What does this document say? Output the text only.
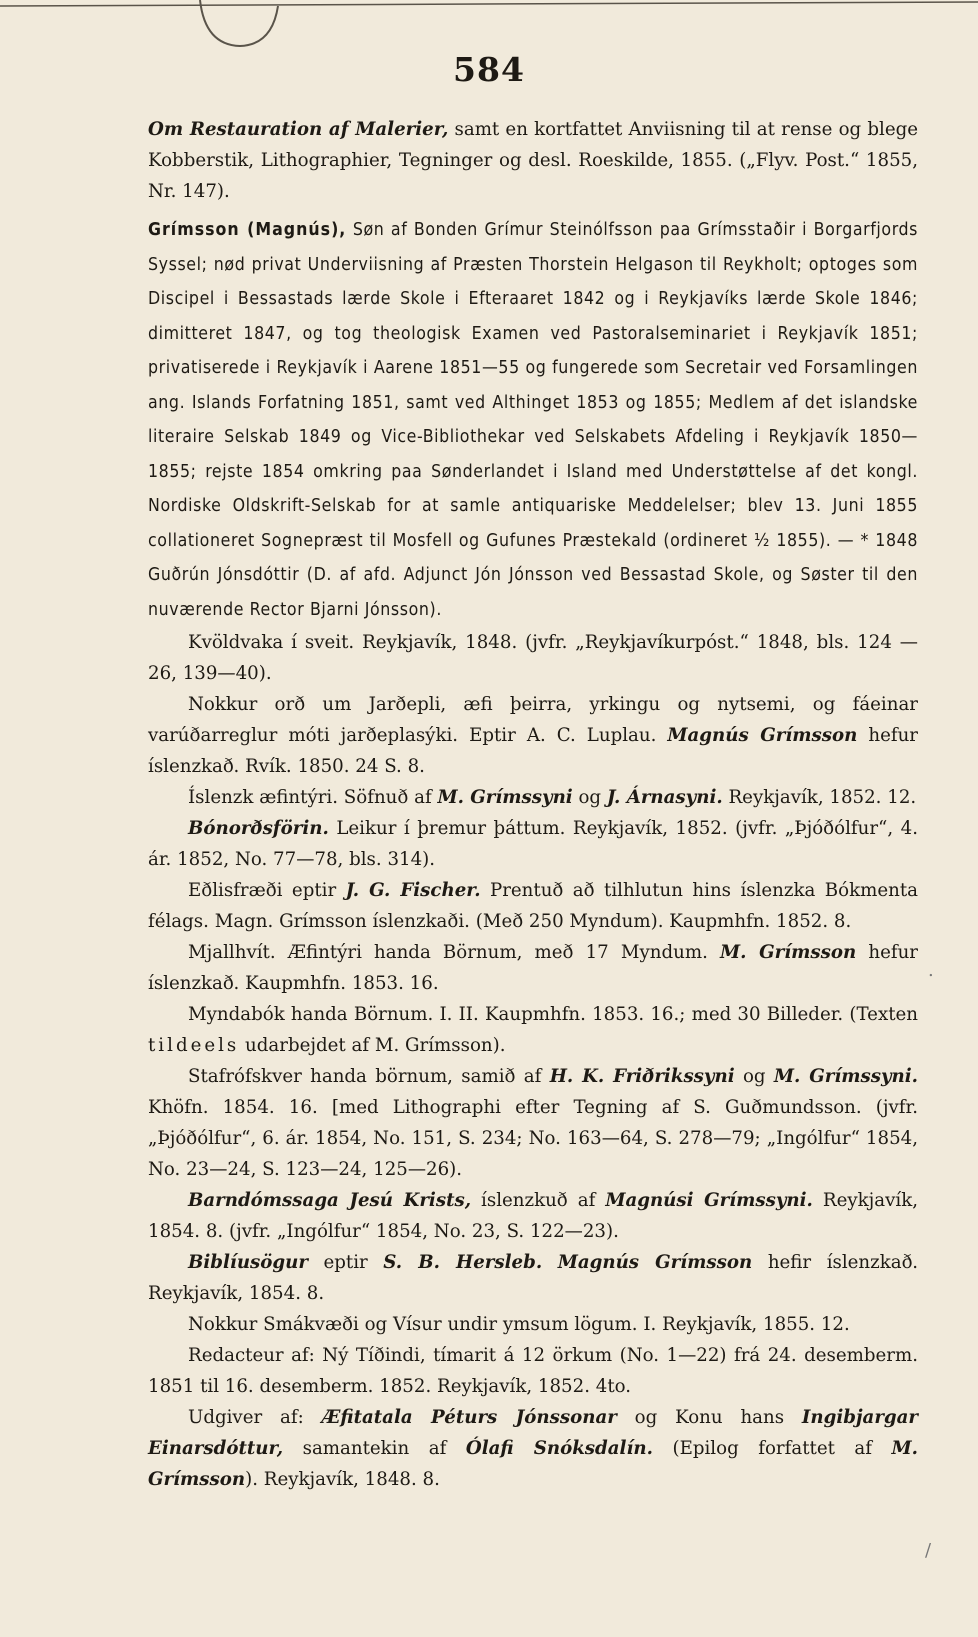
584

Om Restauration af Malerier, samt en kortfattet Anviisning til at rense og blege Kobberstik, Lithographier, Tegninger og desl. Roeskilde, 1855. („Flyv. Post.“ 1855, Nr. 147).

Grímsson (Magnús), Søn af Bonden Grímur Steinólfsson paa Grímsstaðir i Borgarfjords Syssel; nød privat Underviisning af Præsten Thorstein Helgason til Reykholt; optoges som Discipel i Bessastads lærde Skole i Efteraaret 1842 og i Reykjavíks lærde Skole 1846; dimitteret 1847, og tog theologisk Examen ved Pastoralseminariet i Reykjavík 1851; privatiserede i Reykjavík i Aarene 1851—55 og fungerede som Secretair ved Forsamlingen ang. Islands Forfatning 1851, samt ved Althinget 1853 og 1855; Medlem af det islandske literaire Selskab 1849 og Vice-Bibliothekar ved Selskabets Afdeling i Reykjavík 1850—1855; rejste 1854 omkring paa Sønderlandet i Island med Understøttelse af det kongl. Nordiske Oldskrift-Selskab for at samle antiquariske Meddelelser; blev 13. Juni 1855 collationeret Sognepræst til Mosfell og Gufunes Præstekald (ordineret ½ 1855). — * 1848 Guðrún Jónsdóttir (D. af afd. Adjunct Jón Jónsson ved Bessastad Skole, og Søster til den nuværende Rector Bjarni Jónsson).

Kvöldvaka í sveit. Reykjavík, 1848. (jvfr. „Reykjavíkurpóst.“ 1848, bls. 124 —26, 139—40).

Nokkur orð um Jarðepli, æfi þeirra, yrkingu og nytsemi, og fáeinar varúðarreglur móti jarðeplasýki. Eptir A. C. Luplau. Magnús Grímsson hefur íslenzkað. Rvík. 1850. 24 S. 8.

Íslenzk æfintýri. Söfnuð af M. Grímssyni og J. Árnasyni. Reykjavík, 1852. 12.

Bónorðsförin. Leikur í þremur þáttum. Reykjavík, 1852. (jvfr. „Þjóðólfur“, 4. ár. 1852, No. 77—78, bls. 314).

Eðlisfræði eptir J. G. Fischer. Prentuð að tilhlutun hins íslenzka Bókmenta félags. Magn. Grímsson íslenzkaði. (Með 250 Myndum). Kaupmhfn. 1852. 8.

Mjallhvít. Æfintýri handa Börnum, með 17 Myndum. M. Grímsson hefur íslenzkað. Kaupmhfn. 1853. 16.

Myndabók handa Börnum. I. II. Kaupmhfn. 1853. 16.; med 30 Billeder. (Texten tildeels udarbejdet af M. Grímsson).

Stafrófskver handa börnum, samið af H. K. Friðrikssyni og M. Grímssyni. Khöfn. 1854. 16. [med Lithographi efter Tegning af S. Guðmundsson. (jvfr. „Þjóðólfur“, 6. ár. 1854, No. 151, S. 234; No. 163—64, S. 278—79; „Ingólfur“ 1854, No. 23—24, S. 123—24, 125—26).

Barndómssaga Jesú Krists, íslenzkuð af Magnúsi Grímssyni. Reykjavík, 1854. 8. (jvfr. „Ingólfur“ 1854, No. 23, S. 122—23).

Biblíusögur eptir S. B. Hersleb. Magnús Grímsson hefir íslenzkað. Reykjavík, 1854. 8.

Nokkur Smákvæði og Vísur undir ymsum lögum. I. Reykjavík, 1855. 12.

Redacteur af: Ný Tíðindi, tímarit á 12 örkum (No. 1—22) frá 24. desemberm. 1851 til 16. desemberm. 1852. Reykjavík, 1852. 4to.

Udgiver af: Æfitatala Péturs Jónssonar og Konu hans Ingibjargar Einarsdóttur, samantekin af Ólafi Snóksdalín. (Epilog forfattet af M. Grímsson). Reykjavík, 1848. 8.

.
/
